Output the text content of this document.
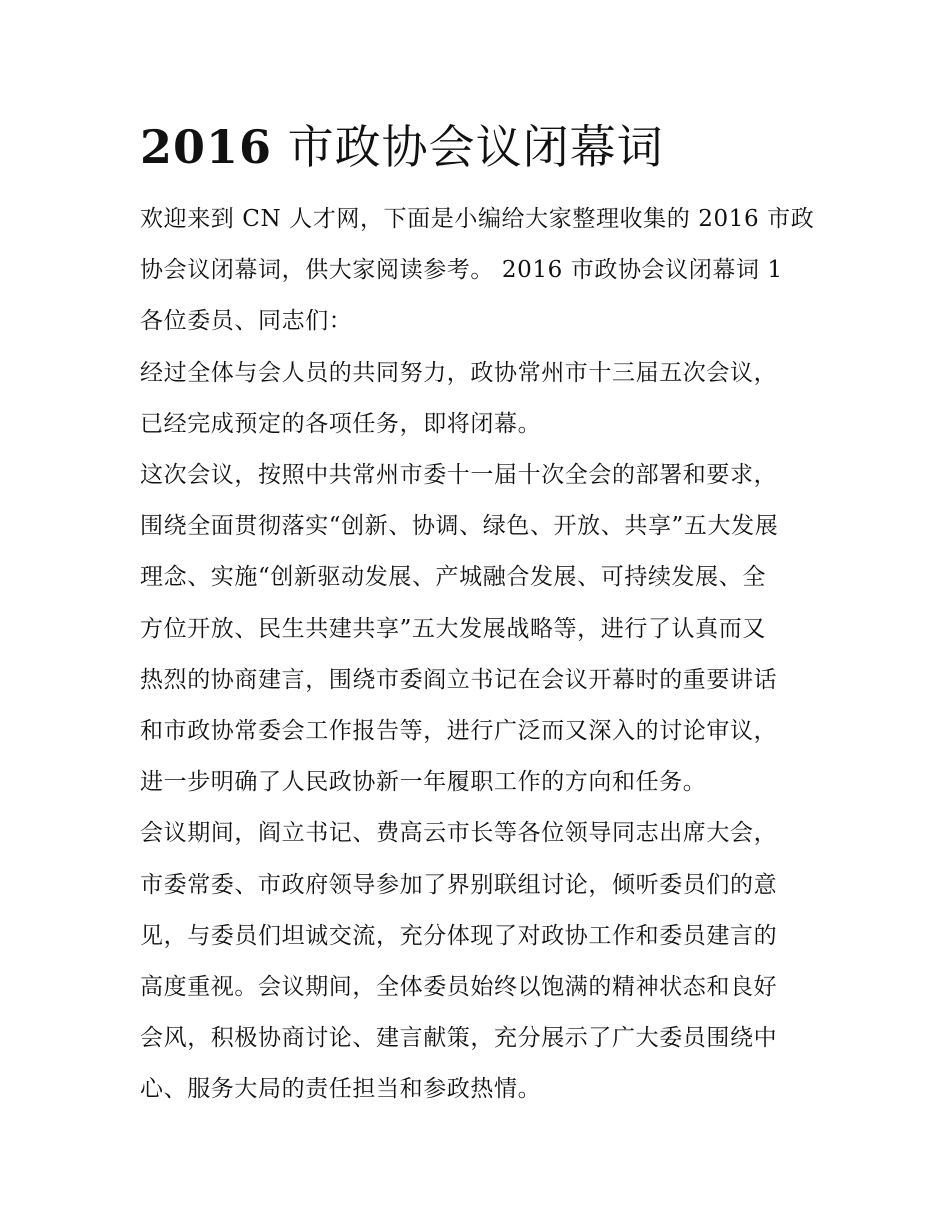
2016 市政协会议闭幕词

欢迎来到 CN 人才网，下面是小编给大家整理收集的 2016 市政
协会议闭幕词，供大家阅读参考。 2016 市政协会议闭幕词 1

各位委员、同志们：

经过全体与会人员的共同努力，政协常州市十三届五次会议，
已经完成预定的各项任务，即将闭幕。

这次会议，按照中共常州市委十一届十次全会的部署和要求，
围绕全面贯彻落实“创新、协调、绿色、开放、共享”五大发展
理念、实施“创新驱动发展、产城融合发展、可持续发展、全
方位开放、民生共建共享”五大发展战略等，进行了认真而又
热烈的协商建言，围绕市委阎立书记在会议开幕时的重要讲话
和市政协常委会工作报告等，进行广泛而又深入的讨论审议，
进一步明确了人民政协新一年履职工作的方向和任务。

会议期间，阎立书记、费高云市长等各位领导同志出席大会，
市委常委、市政府领导参加了界别联组讨论，倾听委员们的意
见，与委员们坦诚交流，充分体现了对政协工作和委员建言的
高度重视。会议期间，全体委员始终以饱满的精神状态和良好
会风，积极协商讨论、建言献策，充分展示了广大委员围绕中
心、服务大局的责任担当和参政热情。
